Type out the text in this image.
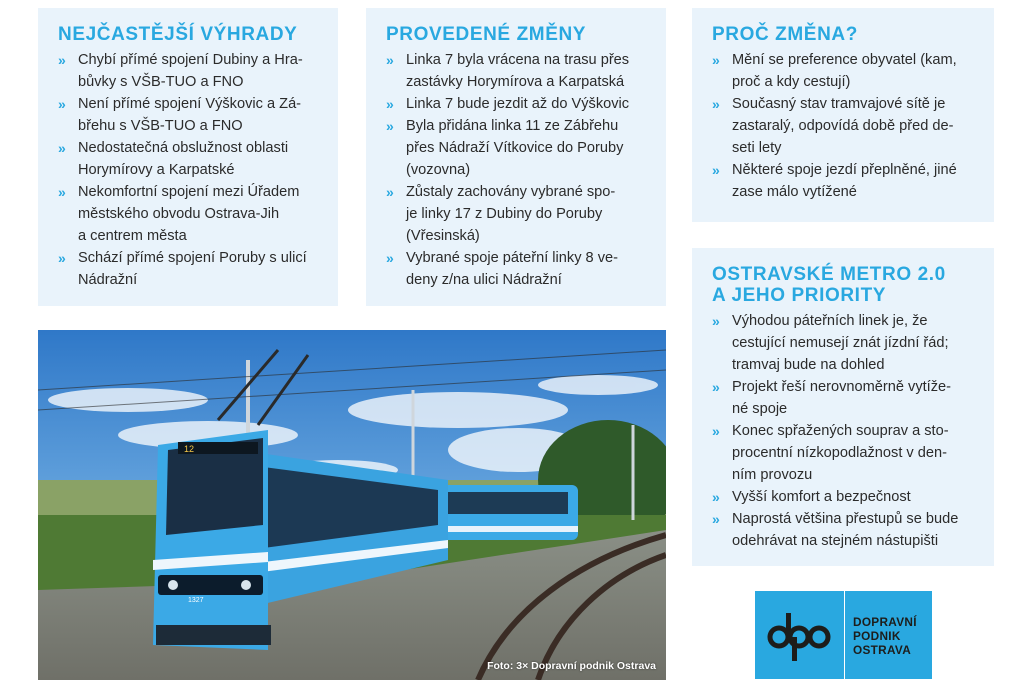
NEJČASTĚJŠÍ VÝHRADY
» Chybí přímé spojení Dubiny a Hra-
bůvky s VŠB-TUO a FNO
» Není přímé spojení Výškovic a Zá-
břehu s VŠB-TUO a FNO
» Nedostatečná obslužnost oblasti
Horymírovy a Karpatské
» Nekomfortní spojení mezi Úřadem
městského obvodu Ostrava-Jih
a centrem města
» Schází přímé spojení Poruby s ulicí
Nádražní
PROVEDENÉ ZMĚNY
» Linka 7 byla vrácena na trasu přes
zastávky Horymírova a Karpatská
» Linka 7 bude jezdit až do Výškovic
» Byla přidána linka 11 ze Zábřehu
přes Nádraží Vítkovice do Poruby
(vozovna)
» Zůstaly zachovány vybrané spo-
je linky 17 z Dubiny do Poruby
(Vřesinská)
» Vybrané spoje páteřní linky 8 ve-
deny z/na ulici Nádražní
PROČ ZMĚNA?
» Mění se preference obyvatel (kam,
proč a kdy cestují)
» Současný stav tramvajové sítě je
zastaralý, odpovídá době před de-
seti lety
» Některé spoje jezdí přeplněné, jiné
zase málo vytížené
OSTRAVSKÉ METRO 2.0
A JEHO PRIORITY
» Výhodou páteřních linek je, že
cestující nemusejí znát jízdní řád;
tramvaj bude na dohled
» Projekt řeší nerovnoměrně vytíže-
né spoje
» Konec spřažených souprav a sto-
procentní nízkopodlažnost v den-
ním provozu
» Vyšší komfort a bezpečnost
» Naprostá většina přestupů se bude
odehrávat na stejném nástupišti
12
1327
Foto: 3× Dopravní podnik Ostrava
DOPRAVNÍ
PODNIK
OSTRAVA
